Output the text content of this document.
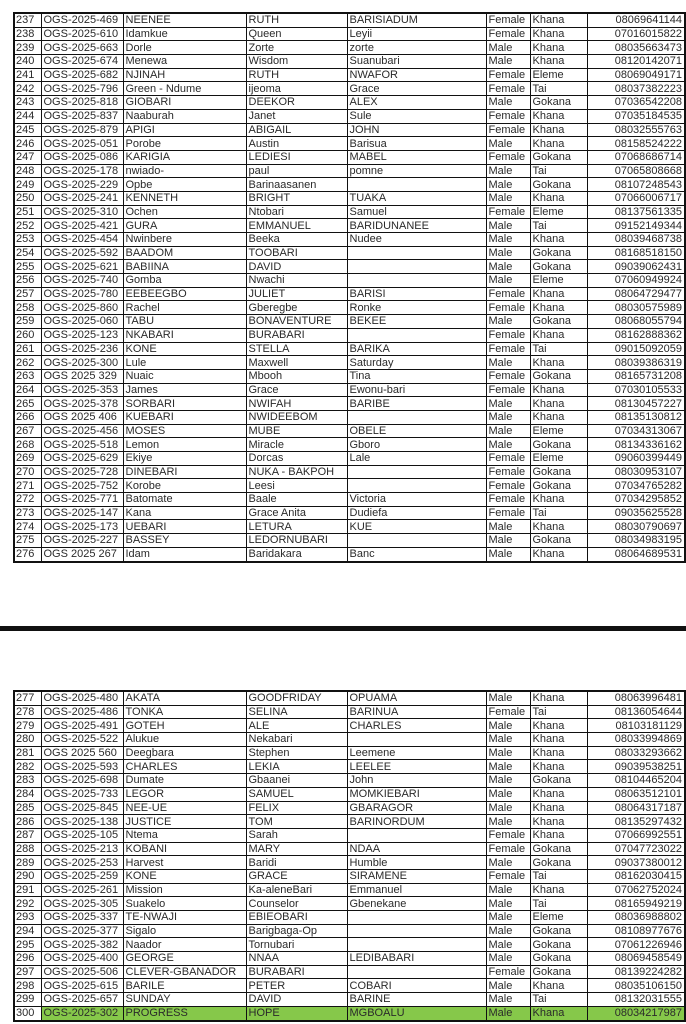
237	OGS-2025-469	NEENEE	RUTH	BARISIADUM	Female	Khana	08069641144
238	OGS-2025-610	Idamkue	Queen	Leyii	Female	Khana	07016015822
239	OGS-2025-663	Dorle	Zorte	zorte	Male	Khana	08035663473
240	OGS-2025-674	Menewa	Wisdom	Suanubari	Male	Khana	08120142071
241	OGS-2025-682	NJINAH	RUTH	NWAFOR	Female	Eleme	08069049171
242	OGS-2025-796	Green - Ndume	ijeoma	Grace	Female	Tai	08037382223
243	OGS-2025-818	GIOBARI	DEEKOR	ALEX	Male	Gokana	07036542208
244	OGS-2025-837	Naaburah	Janet	Sule	Female	Khana	07035184535
245	OGS-2025-879	APIGI	ABIGAIL	JOHN	Female	Khana	08032555763
246	OGS-2025-051	Porobe	Austin	Barisua	Male	Khana	08158524222
247	OGS-2025-086	KARIGIA	LEDIESI	MABEL	Female	Gokana	07068686714
248	OGS-2025-178	nwiado-	paul	pomne	Male	Tai	07065808668
249	OGS-2025-229	Opbe	Barinaasanen		Male	Gokana	08107248543
250	OGS-2025-241	KENNETH	BRIGHT	TUAKA	Male	Khana	07066006717
251	OGS-2025-310	Ochen	Ntobari	Samuel	Female	Eleme	08137561335
252	OGS-2025-421	GURA	EMMANUEL	BARIDUNANEE	Male	Tai	09152149344
253	OGS-2025-454	Nwinbere	Beeka	Nudee	Male	Khana	08039468738
254	OGS-2025-592	BAADOM	TOOBARI		Male	Gokana	08168518150
255	OGS-2025-621	BABIINA	DAVID		Male	Gokana	09039062431
256	OGS-2025-740	Gomba	Nwachi		Male	Eleme	07060949924
257	OGS-2025-780	EEBEEGBO	JULIET	BARISI	Female	Khana	08064729477
258	OGS-2025-860	Rachel	Gberegbe	Ronke	Female	Khana	08030575989
259	OGS-2025-060	TABU	BONAVENTURE	BEKEE	Male	Gokana	08068055794
260	OGS-2025-123	NKABARI	BURABARI		Female	Khana	08162888362
261	OGS-2025-236	KONE	STELLA	BARIKA	Female	Tai	09015092059
262	OGS-2025-300	Lule	Maxwell	Saturday	Male	Khana	08039386319
263	OGS 2025 329	Nuaic	Mbooh	Tina	Female	Gokana	08165731208
264	OGS-2025-353	James	Grace	Ewonu-bari	Female	Khana	07030105533
265	OGS-2025-378	SORBARI	NWIFAH	BARIBE	Male	Khana	08130457227
266	OGS 2025 406	KUEBARI	NWIDEEBOM		Male	Khana	08135130812
267	OGS-2025-456	MOSES	MUBE	OBELE	Male	Eleme	07034313067
268	OGS-2025-518	Lemon	Miracle	Gboro	Male	Gokana	08134336162
269	OGS-2025-629	Ekiye	Dorcas	Lale	Female	Eleme	09060399449
270	OGS-2025-728	DINEBARI	NUKA - BAKPOH		Female	Gokana	08030953107
271	OGS-2025-752	Korobe	Leesi		Female	Gokana	07034765282
272	OGS-2025-771	Batomate	Baale	Victoria	Female	Khana	07034295852
273	OGS-2025-147	Kana	Grace Anita	Dudiefa	Female	Tai	09035625528
274	OGS-2025-173	UEBARI	LETURA	KUE	Male	Khana	08030790697
275	OGS-2025-227	BASSEY	LEDORNUBARI		Male	Gokana	08034983195
276	OGS 2025 267	Idam	Baridakara	Banc	Male	Khana	08064689531
277	OGS-2025-480	AKATA	GOODFRIDAY	OPUAMA	Male	Khana	08063996481
278	OGS-2025-486	TONKA	SELINA	BARINUA	Female	Tai	08136054644
279	OGS-2025-491	GOTEH	ALE	CHARLES	Male	Khana	08103181129
280	OGS-2025-522	Alukue	Nekabari		Male	Khana	08033994869
281	OGS 2025 560	Deegbara	Stephen	Leemene	Male	Khana	08033293662
282	OGS-2025-593	CHARLES	LEKIA	LEELEE	Male	Khana	09039538251
283	OGS-2025-698	Dumate	Gbaanei	John	Male	Gokana	08104465204
284	OGS-2025-733	LEGOR	SAMUEL	MOMKIEBARI	Male	Khana	08063512101
285	OGS-2025-845	NEE-UE	FELIX	GBARAGOR	Male	Khana	08064317187
286	OGS-2025-138	JUSTICE	TOM	BARINORDUM	Male	Khana	08135297432
287	OGS-2025-105	Ntema	Sarah		Female	Khana	07066992551
288	OGS-2025-213	KOBANI	MARY	NDAA	Female	Gokana	07047723022
289	OGS-2025-253	Harvest	Baridi	Humble	Male	Gokana	09037380012
290	OGS-2025-259	KONE	GRACE	SIRAMENE	Female	Tai	08162030415
291	OGS-2025-261	Mission	Ka-aleneBari	Emmanuel	Male	Khana	07062752024
292	OGS-2025-305	Suakelo	Counselor	Gbenekane	Male	Tai	08165949219
293	OGS-2025-337	TE-NWAJI	EBIEOBARI		Male	Eleme	08036988802
294	OGS-2025-377	Sigalo	Barigbaga-Op		Male	Gokana	08108977676
295	OGS-2025-382	Naador	Tornubari		Male	Gokana	07061226946
296	OGS-2025-400	GEORGE	NNAA	LEDIBABARI	Male	Gokana	08069458549
297	OGS-2025-506	CLEVER-GBANADOR	BURABARI		Female	Gokana	08139224282
298	OGS-2025-615	BARILE	PETER	COBARI	Male	Khana	08035106150
299	OGS-2025-657	SUNDAY	DAVID	BARINE	Male	Tai	08132031555
300	OGS-2025-302	PROGRESS	HOPE	MGBOALU	Male	Khana	08034217987
